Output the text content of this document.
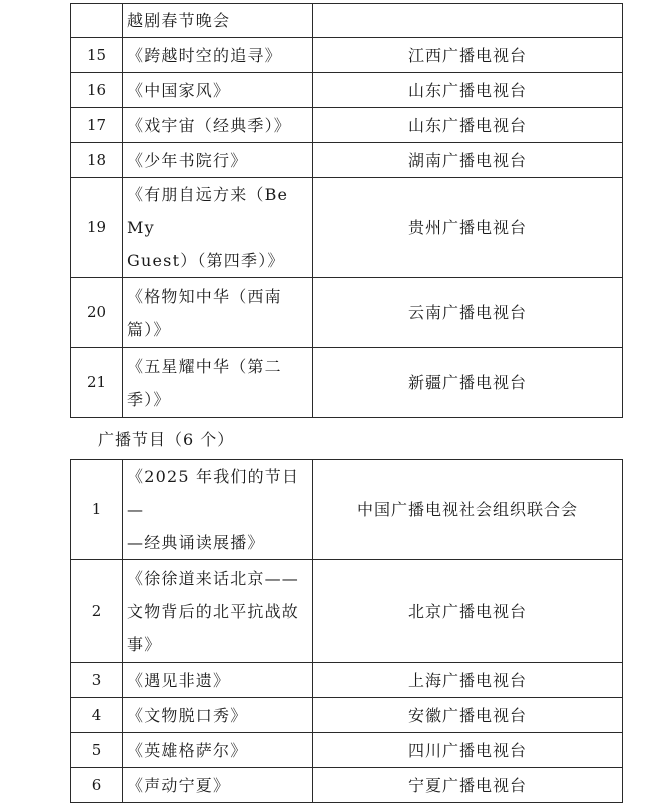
	越剧春节晚会	

15	《跨越时空的追寻》	江西广播电视台
16	《中国家风》	山东广播电视台
17	《戏宇宙（经典季）》	山东广播电视台
18	《少年书院行》	湖南广播电视台
19	《有朋自远方来（Be My
Guest）（第四季）》	贵州广播电视台
20	《格物知中华（西南
篇）》	云南广播电视台
21	《五星耀中华（第二
季）》	新疆广播电视台
广播节目（6 个）
1	《2025 年我们的节日—
—经典诵读展播》	中国广播电视社会组织联合会
2	《徐徐道来话北京——
文物背后的北平抗战故
事》	北京广播电视台
3	《遇见非遗》	上海广播电视台
4	《文物脱口秀》	安徽广播电视台
5	《英雄格萨尔》	四川广播电视台
6	《声动宁夏》	宁夏广播电视台
